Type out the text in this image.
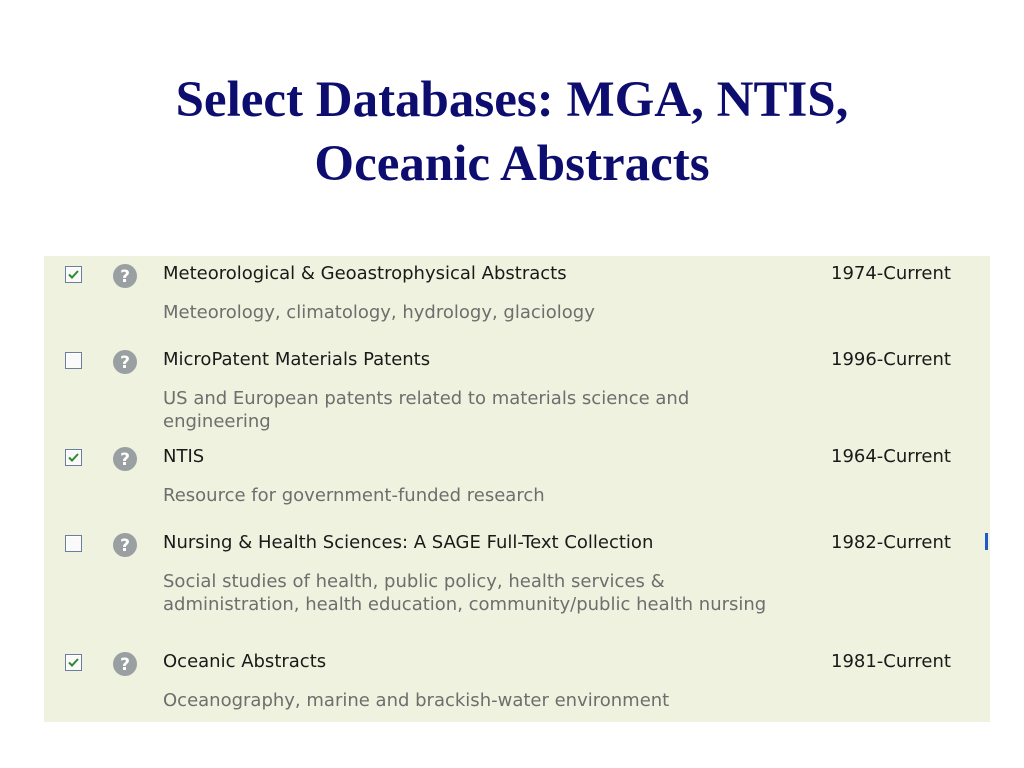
Select Databases: MGA, NTIS,
Oceanic Abstracts
? Meteorological & Geoastrophysical Abstracts	1974-Current
Meteorology, climatology, hydrology, glaciology
? MicroPatent Materials Patents	1996-Current
US and European patents related to materials science and engineering
? NTIS	1964-Current
Resource for government-funded research
? Nursing & Health Sciences: A SAGE Full-Text Collection	1982-Current
Social studies of health, public policy, health services & administration, health education, community/public health nursing
? Oceanic Abstracts	1981-Current
Oceanography, marine and brackish-water environment
